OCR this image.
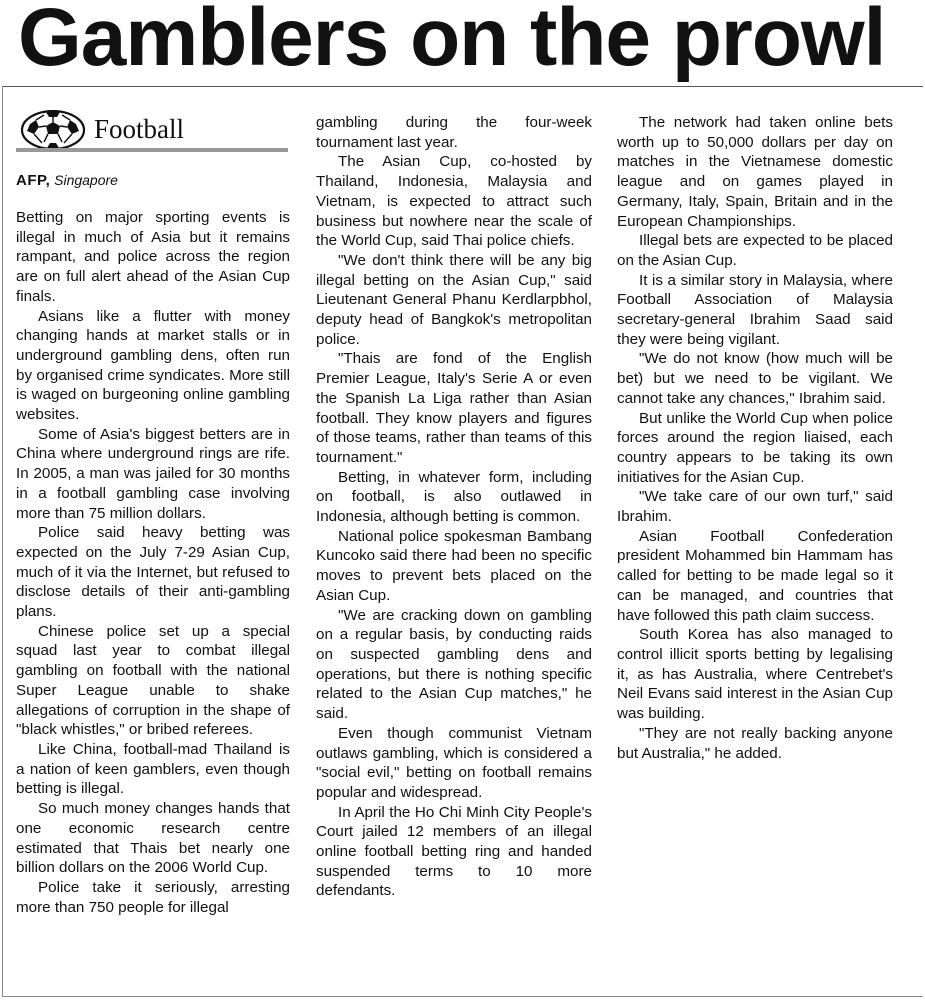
Gamblers on the prowl
Football
AFP, Singapore

Betting on major sporting events is illegal in much of Asia but it remains rampant, and police across the region are on full alert ahead of the Asian Cup finals.

Asians like a flutter with money changing hands at market stalls or in underground gambling dens, often run by organised crime syndicates. More still is waged on burgeoning online gambling websites.

Some of Asia's biggest betters are in China where underground rings are rife. In 2005, a man was jailed for 30 months in a football gambling case involving more than 75 million dollars.

Police said heavy betting was expected on the July 7-29 Asian Cup, much of it via the Internet, but refused to disclose details of their anti-gambling plans.

Chinese police set up a special squad last year to combat illegal gambling on football with the national Super League unable to shake allegations of corruption in the shape of "black whistles," or bribed referees.

Like China, football-mad Thailand is a nation of keen gamblers, even though betting is illegal.

So much money changes hands that one economic research centre estimated that Thais bet nearly one billion dollars on the 2006 World Cup.

Police take it seriously, arresting more than 750 people for illegal

gambling during the four-week tournament last year.

The Asian Cup, co-hosted by Thailand, Indonesia, Malaysia and Vietnam, is expected to attract such business but nowhere near the scale of the World Cup, said Thai police chiefs.

"We don't think there will be any big illegal betting on the Asian Cup," said Lieutenant General Phanu Kerdlarpbhol, deputy head of Bangkok's metropolitan police.

"Thais are fond of the English Premier League, Italy's Serie A or even the Spanish La Liga rather than Asian football. They know players and figures of those teams, rather than teams of this tournament."

Betting, in whatever form, including on football, is also outlawed in Indonesia, although betting is common.

National police spokesman Bambang Kuncoko said there had been no specific moves to prevent bets placed on the Asian Cup.

"We are cracking down on gambling on a regular basis, by conducting raids on suspected gambling dens and operations, but there is nothing specific related to the Asian Cup matches," he said.

Even though communist Vietnam outlaws gambling, which is considered a "social evil," betting on football remains popular and widespread.

In April the Ho Chi Minh City People's Court jailed 12 members of an illegal online football betting ring and handed suspended terms to 10 more defendants.

The network had taken online bets worth up to 50,000 dollars per day on matches in the Vietnamese domestic league and on games played in Germany, Italy, Spain, Britain and in the European Championships.

Illegal bets are expected to be placed on the Asian Cup.

It is a similar story in Malaysia, where Football Association of Malaysia secretary-general Ibrahim Saad said they were being vigilant.

"We do not know (how much will be bet) but we need to be vigilant. We cannot take any chances," Ibrahim said.

But unlike the World Cup when police forces around the region liaised, each country appears to be taking its own initiatives for the Asian Cup.

"We take care of our own turf," said Ibrahim.

Asian Football Confederation president Mohammed bin Hammam has called for betting to be made legal so it can be managed, and countries that have followed this path claim success.

South Korea has also managed to control illicit sports betting by legalising it, as has Australia, where Centrebet's Neil Evans said interest in the Asian Cup was building.

"They are not really backing anyone but Australia," he added.
